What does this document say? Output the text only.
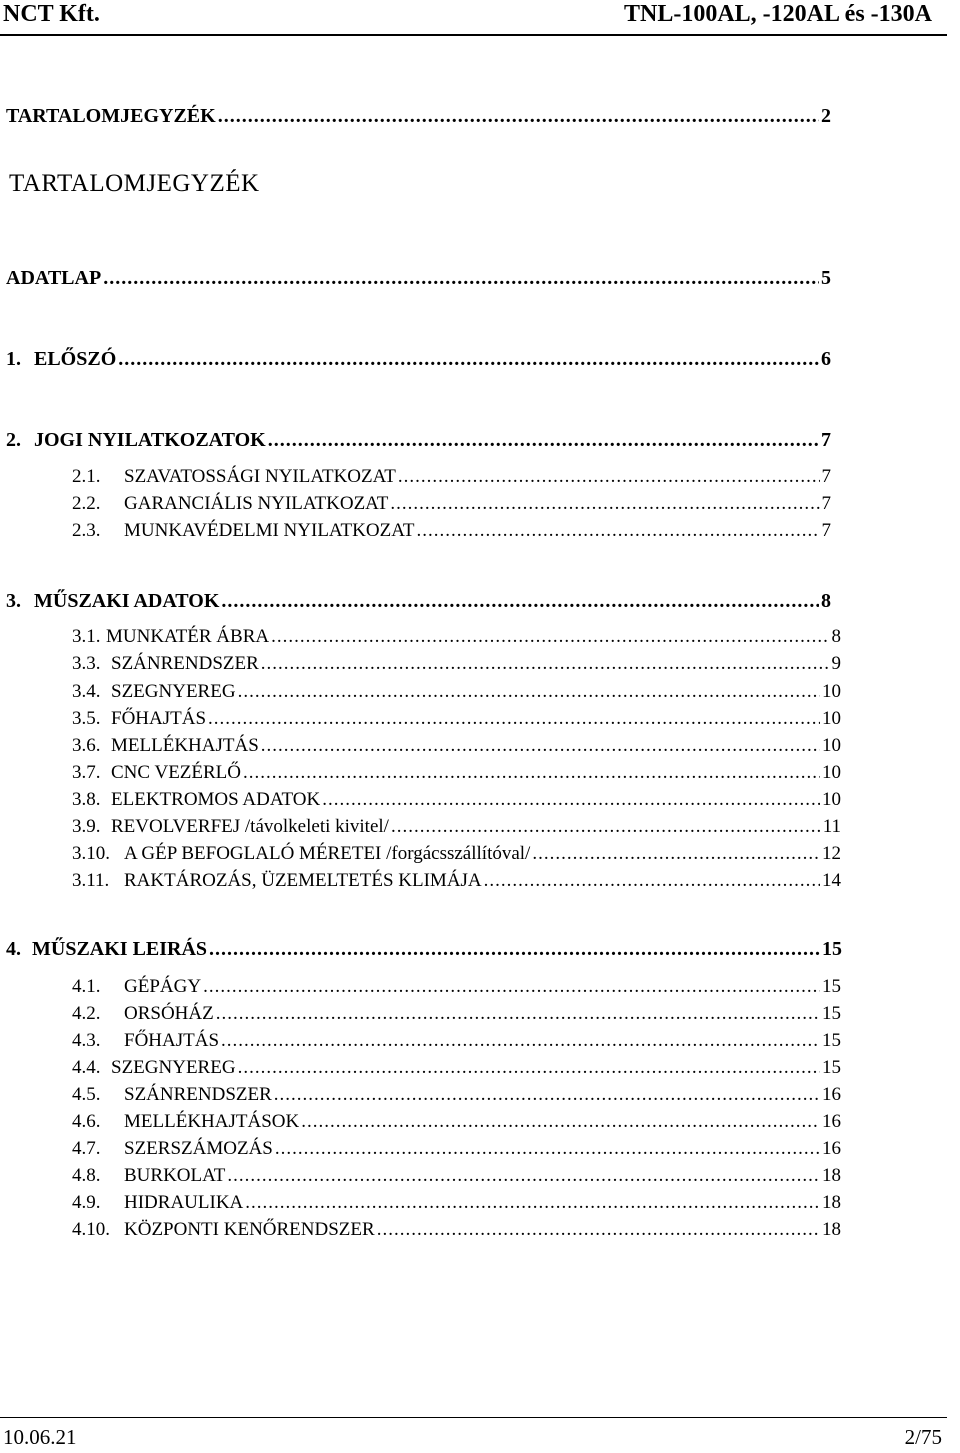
NCT Kft.	TNL-100AL, -120AL és -130A
TARTALOMJEGYZÉK .....	2
TARTALOMJEGYZÉK
ADATLAP .....	5
1. ELŐSZÓ .....	6
2. JOGI NYILATKOZATOK .....	7
2.1.	SZAVATOSSÁGI NYILATKOZAT .....	7
2.2.	GARANCIÁLIS NYILATKOZAT .....	7
2.3.	MUNKAVÉDELMI NYILATKOZAT .....	7
3. MŰSZAKI ADATOK .....	8
3.1. MUNKATÉR ÁBRA .....	8
3.3. SZÁNRENDSZER .....	9
3.4. SZEGNYEREG .....	10
3.5. FŐHAJTÁS .....	10
3.6. MELLÉKHAJTÁS .....	10
3.7. CNC VEZÉRLŐ .....	10
3.8. ELEKTROMOS ADATOK .....	10
3.9. REVOLVERFEJ /távolkeleti kivitel/ .....	11
3.10. A GÉP BEFOGLALÓ MÉRETEI /forgácsszállítóval/ .....	12
3.11. RAKTÁROZÁS, ÜZEMELTETÉS KLIMÁJA .....	14
4. MŰSZAKI LEIRÁS .....	15
4.1.	GÉPÁGY .....	15
4.2.	ORSÓHÁZ .....	15
4.3.	FŐHAJTÁS .....	15
4.4. SZEGNYEREG .....	15
4.5.	SZÁNRENDSZER .....	16
4.6.	MELLÉKHAJTÁSOK .....	16
4.7.	SZERSZÁMOZÁS .....	16
4.8.	BURKOLAT .....	18
4.9.	HIDRAULIKA .....	18
4.10. KÖZPONTI KENŐRENDSZER .....	18
10.06.21	2/75
